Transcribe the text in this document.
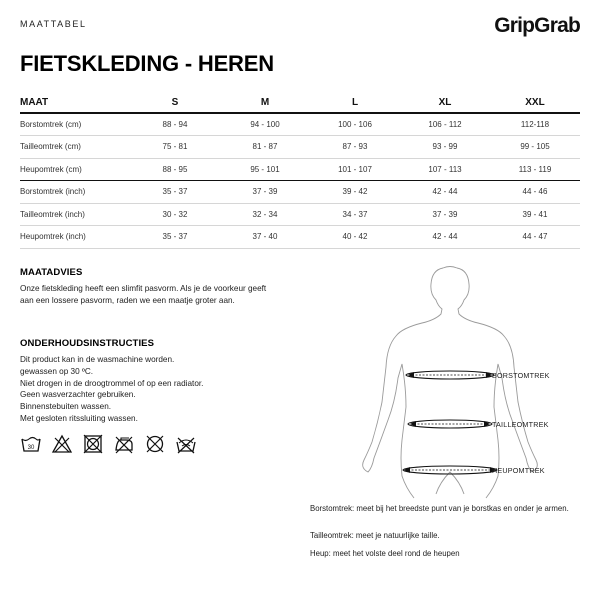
MAATTABEL	GripGrab
FIETSKLEDING - HEREN
MAAT	S	M	L	XL	XXL
Borstomtrek (cm)	88 - 94	94 - 100	100 - 106	106 - 112	112-118
Tailleomtrek (cm)	75 - 81	81 - 87	87 - 93	93 - 99	99 - 105
Heupomtrek (cm)	88 - 95	95 - 101	101 - 107	107 - 113	113 - 119
Borstomtrek (inch)	35 - 37	37 - 39	39 - 42	42 - 44	44 - 46
Tailleomtrek (inch)	30 - 32	32 - 34	34 - 37	37 - 39	39 - 41
Heupomtrek (inch)	35 - 37	37 - 40	40 - 42	42 - 44	44 - 47
MAATADVIES

Onze fietskleding heeft een slimfit pasvorm. Als je de voorkeur geeft aan een lossere pasvorm, raden we een maatje groter aan.

ONDERHOUDSINSTRUCTIES
Dit product kan in de wasmachine worden.
gewassen op 30 ºC.
Niet drogen in de droogtrommel of op een radiator.
Geen wasverzachter gebruiken.
Binnenstebuiten wassen.
Met gesloten ritssluiting wassen.
30
BORSTOMTREK
TAILLEOMTREK
HEUPOMTREK
Borstomtrek: meet bij het breedste punt van je borstkas en onder je armen.
Tailleomtrek: meet je natuurlijke taille.
Heup: meet het volste deel rond de heupen
